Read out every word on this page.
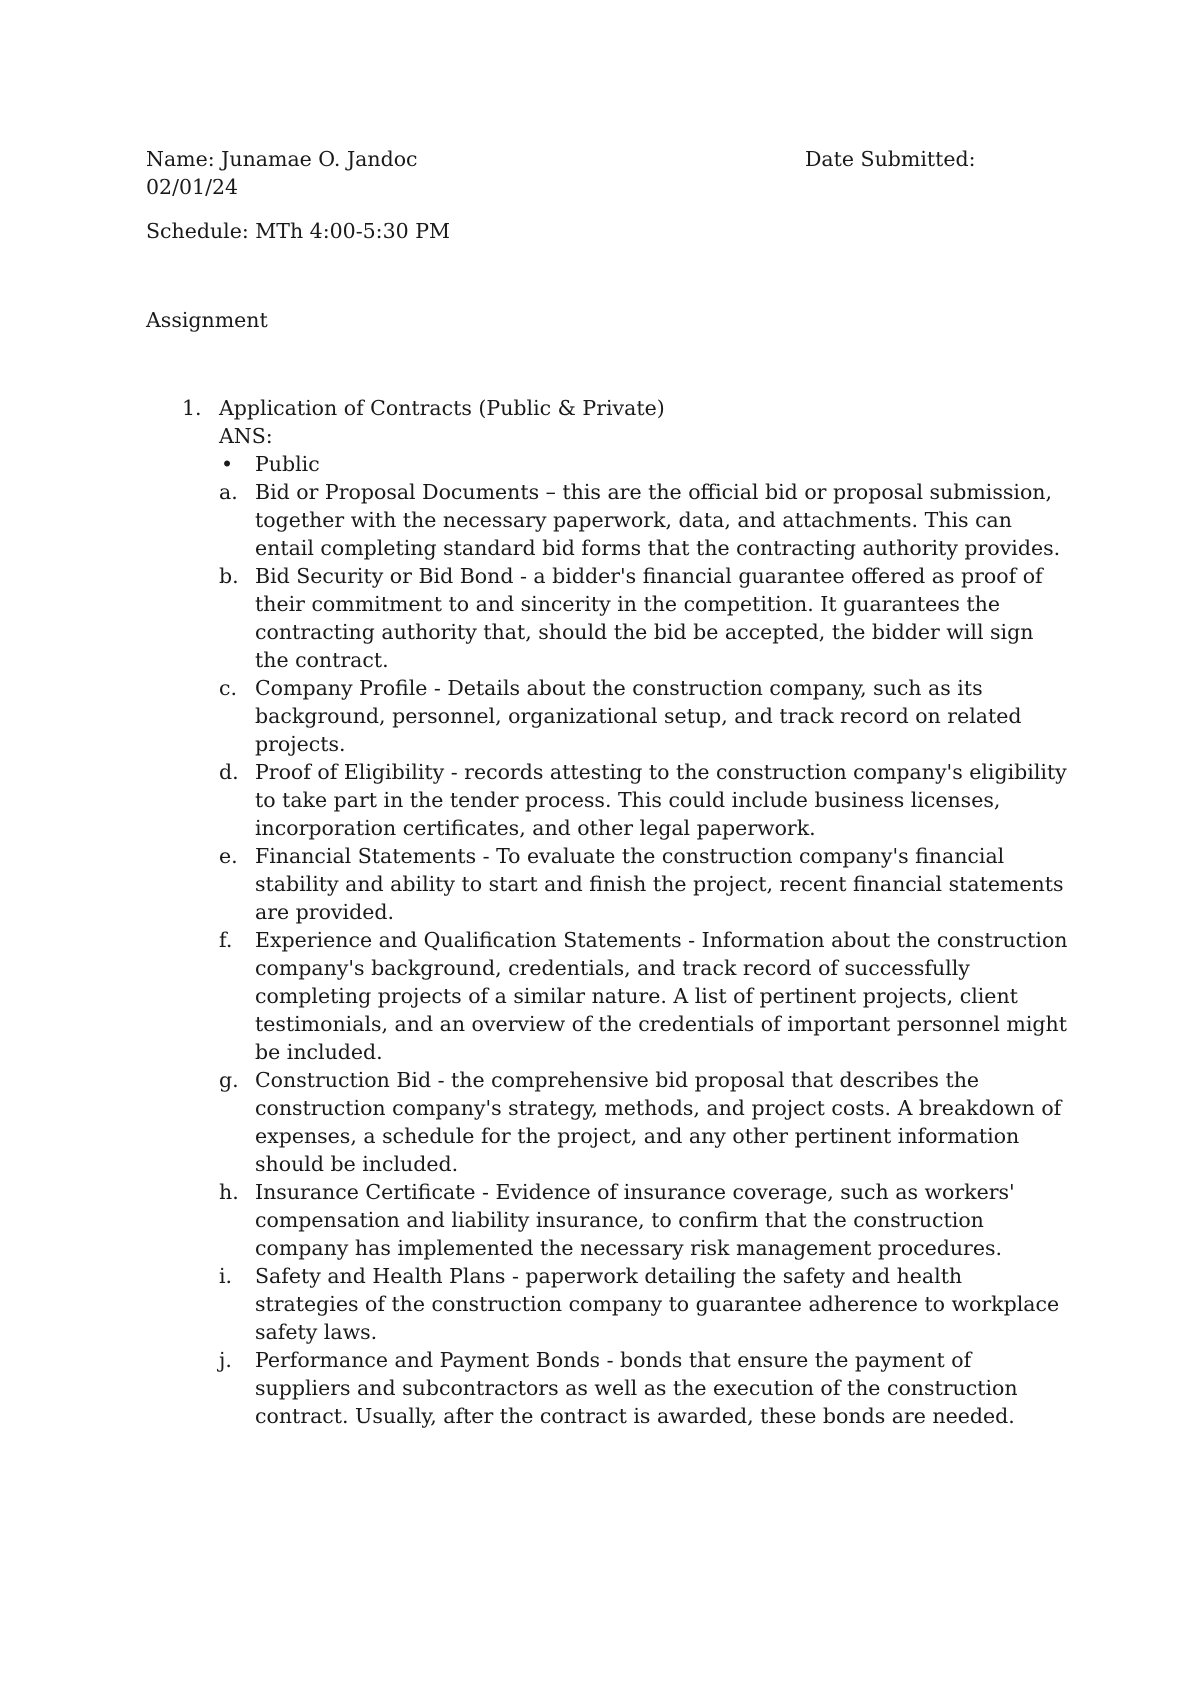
Name: Junamae O. Jandoc	Date Submitted:
02/01/24
Schedule: MTh 4:00-5:30 PM
Assignment
1. Application of Contracts (Public & Private)
ANS:
• Public
a. Bid or Proposal Documents – this are the official bid or proposal submission, together with the necessary paperwork, data, and attachments. This can entail completing standard bid forms that the contracting authority provides.
b. Bid Security or Bid Bond - a bidder's financial guarantee offered as proof of their commitment to and sincerity in the competition. It guarantees the contracting authority that, should the bid be accepted, the bidder will sign the contract.
c. Company Profile - Details about the construction company, such as its background, personnel, organizational setup, and track record on related projects.
d. Proof of Eligibility - records attesting to the construction company's eligibility to take part in the tender process. This could include business licenses, incorporation certificates, and other legal paperwork.
e. Financial Statements - To evaluate the construction company's financial stability and ability to start and finish the project, recent financial statements are provided.
f.	Experience and Qualification Statements - Information about the construction company's background, credentials, and track record of successfully completing projects of a similar nature. A list of pertinent projects, client testimonials, and an overview of the credentials of important personnel might be included.
g. Construction Bid - the comprehensive bid proposal that describes the construction company's strategy, methods, and project costs. A breakdown of expenses, a schedule for the project, and any other pertinent information should be included.
h. Insurance Certificate - Evidence of insurance coverage, such as workers' compensation and liability insurance, to confirm that the construction company has implemented the necessary risk management procedures.
i.	Safety and Health Plans - paperwork detailing the safety and health strategies of the construction company to guarantee adherence to workplace safety laws.
j.	Performance and Payment Bonds - bonds that ensure the payment of suppliers and subcontractors as well as the execution of the construction contract. Usually, after the contract is awarded, these bonds are needed.
